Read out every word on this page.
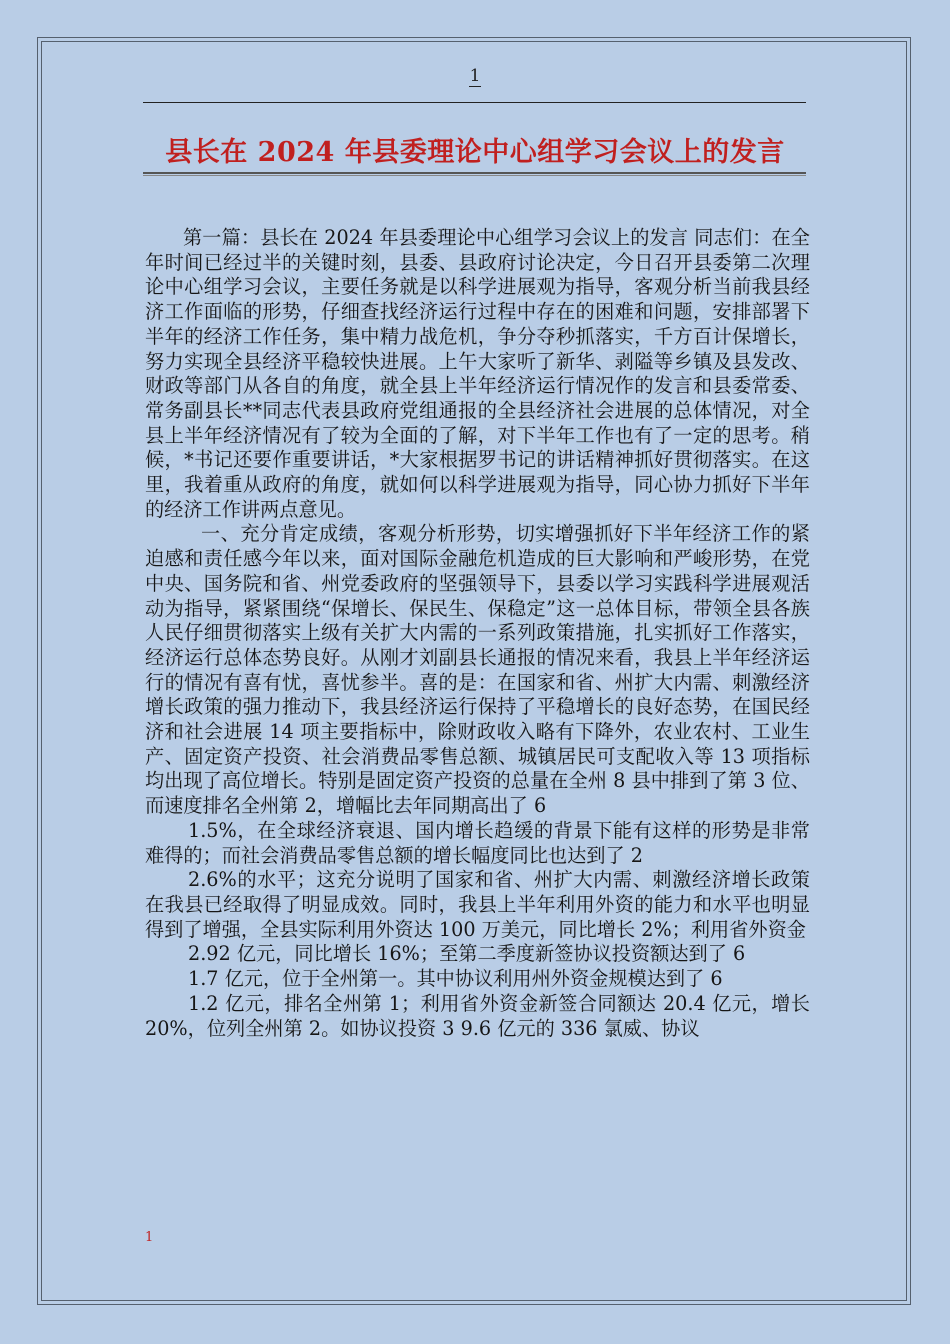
1
县长在 2024 年县委理论中心组学习会议上的发言

第一篇：县长在 2024 年县委理论中心组学习会议上的发言 同志们：在全年时间已经过半的关键时刻，县委、县政府讨论决定，今日召开县委第二次理论中心组学习会议，主要任务就是以科学进展观为指导，客观分析当前我县经济工作面临的形势，仔细查找经济运行过程中存在的困难和问题，安排部署下半年的经济工作任务，集中精力战危机，争分夺秒抓落实，千方百计保增长，努力实现全县经济平稳较快进展。上午大家听了新华、剥隘等乡镇及县发改、财政等部门从各自的角度，就全县上半年经济运行情况作的发言和县委常委、常务副县长**同志代表县政府党组通报的全县经济社会进展的总体情况，对全县上半年经济情况有了较为全面的了解，对下半年工作也有了一定的思考。稍候，*书记还要作重要讲话，*大家根据罗书记的讲话精神抓好贯彻落实。在这里，我着重从政府的角度，就如何以科学进展观为指导，同心协力抓好下半年的经济工作讲两点意见。

一、充分肯定成绩，客观分析形势，切实增强抓好下半年经济工作的紧迫感和责任感今年以来，面对国际金融危机造成的巨大影响和严峻形势，在党中央、国务院和省、州党委政府的坚强领导下，县委以学习实践科学进展观活动为指导，紧紧围绕“保增长、保民生、保稳定”这一总体目标，带领全县各族人民仔细贯彻落实上级有关扩大内需的一系列政策措施，扎实抓好工作落实，经济运行总体态势良好。从刚才刘副县长通报的情况来看，我县上半年经济运行的情况有喜有忧，喜忧参半。喜的是：在国家和省、州扩大内需、刺激经济增长政策的强力推动下，我县经济运行保持了平稳增长的良好态势，在国民经济和社会进展 14 项主要指标中，除财政收入略有下降外，农业农村、工业生产、固定资产投资、社会消费品零售总额、城镇居民可支配收入等 13 项指标均出现了高位增长。特别是固定资产投资的总量在全州 8 县中排到了第 3 位、而速度排名全州第 2，增幅比去年同期高出了 6

1.5%，在全球经济衰退、国内增长趋缓的背景下能有这样的形势是非常难得的；而社会消费品零售总额的增长幅度同比也达到了 2

2.6%的水平；这充分说明了国家和省、州扩大内需、刺激经济增长政策在我县已经取得了明显成效。同时，我县上半年利用外资的能力和水平也明显得到了增强，全县实际利用外资达 100 万美元，同比增长 2%；利用省外资金

2.92 亿元，同比增长 16%；至第二季度新签协议投资额达到了 6

1.7 亿元，位于全州第一。其中协议利用州外资金规模达到了 6

1.2 亿元，排名全州第 1；利用省外资金新签合同额达 20.4 亿元，增长 20%，位列全州第 2。如协议投资 3 9.6 亿元的 336 氯威、协议

1
